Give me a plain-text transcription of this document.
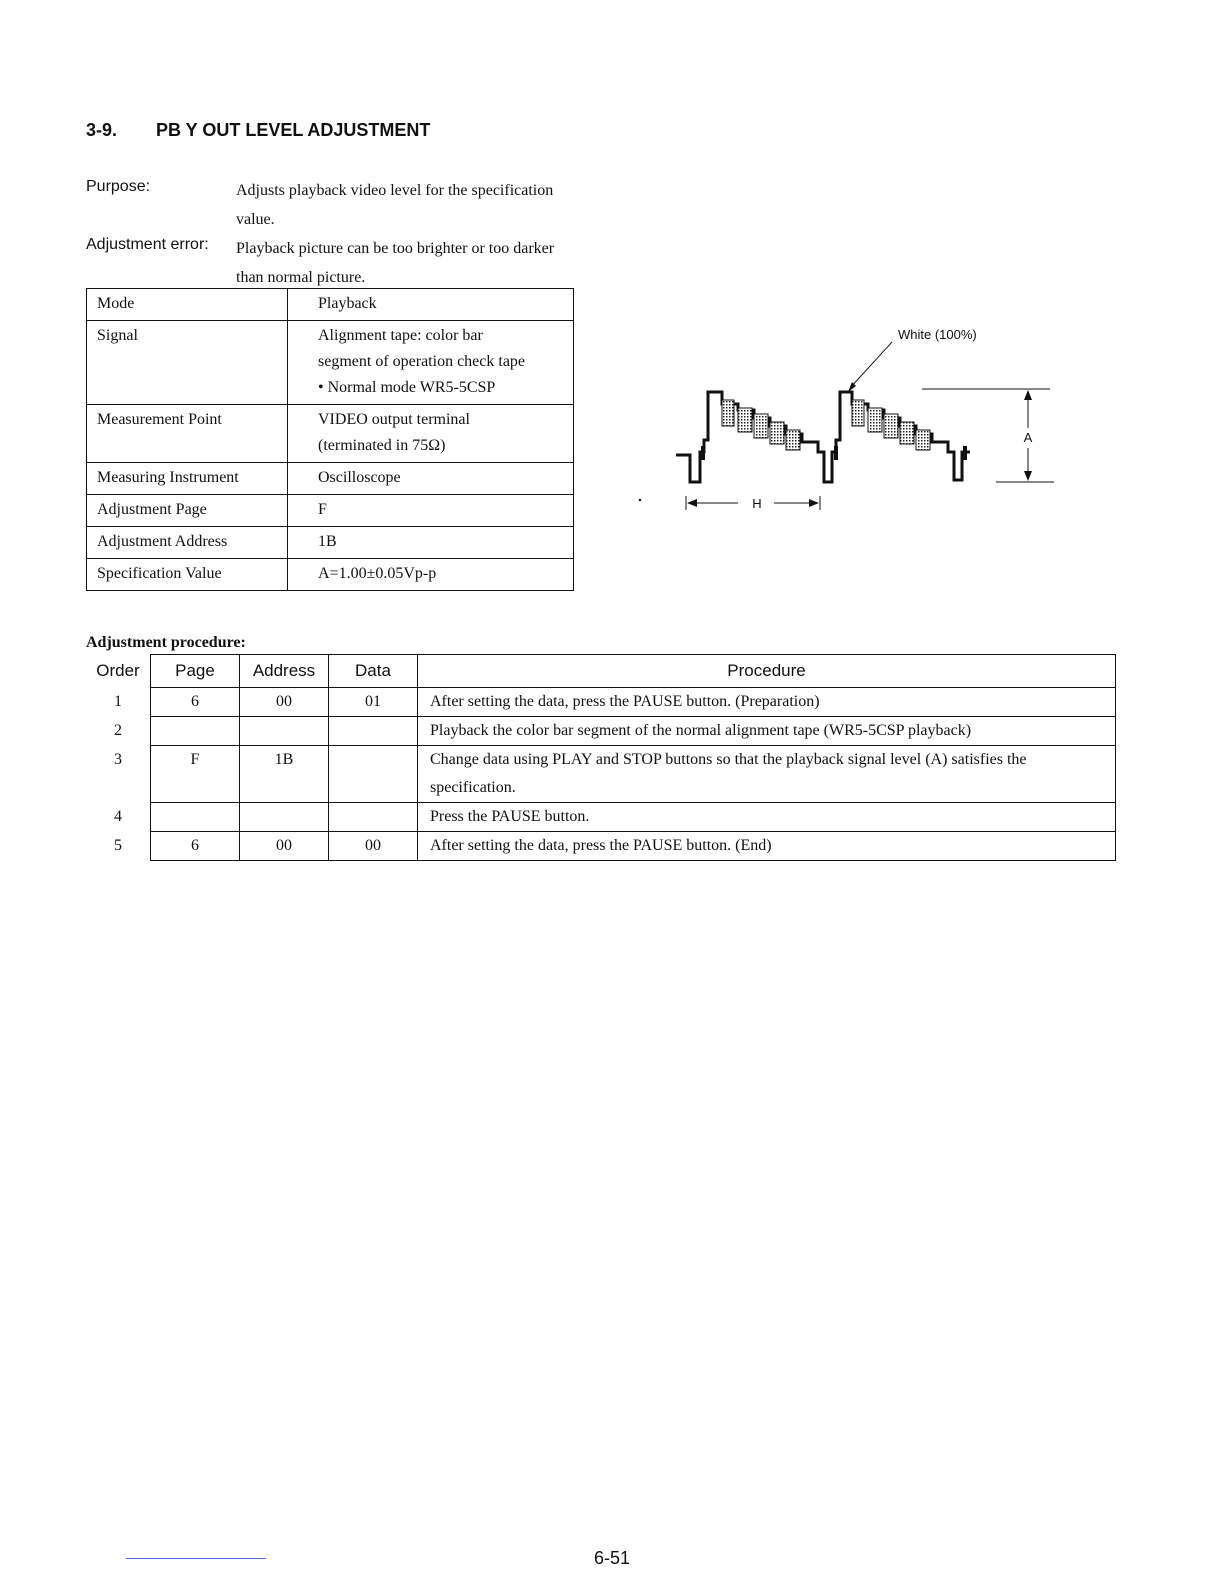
3-9. PB Y OUT LEVEL ADJUSTMENT
Purpose:	Adjusts playback video level for the specification value.
Adjustment error: Playback picture can be too brighter or too darker than normal picture.
Mode	Playback

Signal	Alignment tape: color bar
segment of operation check tape
• Normal mode WR5-5CSP

Measurement Point	VIDEO output terminal
(terminated in 75Ω)

Measuring Instrument	Oscilloscope

Adjustment Page	F

Adjustment Address	1B

Specification Value	A=1.00±0.05Vp-p
White (100%)
A
H
Adjustment procedure:
Order	Page	Address	Data	Procedure
1	6	00	01	After setting the data, press the PAUSE button. (Preparation)
2				Playback the color bar segment of the normal alignment tape (WR5-5CSP playback)
3	F	1B		Change data using PLAY and STOP buttons so that the playback signal level (A) satisfies the specification.
4				Press the PAUSE button.
5	6	00	00	After setting the data, press the PAUSE button. (End)
6-51
